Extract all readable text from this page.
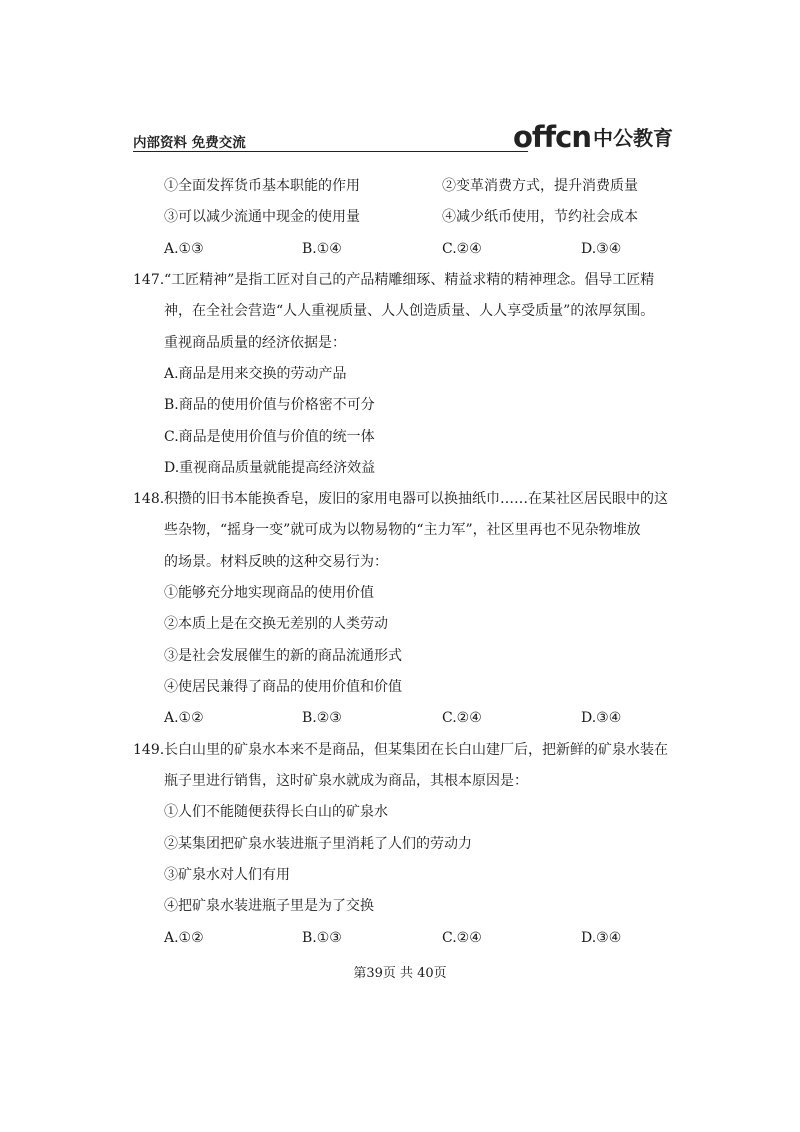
内部资料 免费交流	offcn 中公教育
①全面发挥货币基本职能的作用	②变革消费方式，提升消费质量
③可以减少流通中现金的使用量	④减少纸币使用，节约社会成本
A.①③	B.①④	C.②④	D.③④
147. “工匠精神”是指工匠对自己的产品精雕细琢、精益求精的精神理念。倡导工匠精
神，在全社会营造“人人重视质量、人人创造质量、人人享受质量”的浓厚氛围。
重视商品质量的经济依据是：
A.商品是用来交换的劳动产品
B.商品的使用价值与价格密不可分
C.商品是使用价值与价值的统一体
D.重视商品质量就能提高经济效益
148. 积攒的旧书本能换香皂，废旧的家用电器可以换抽纸巾……在某社区居民眼中的这
些杂物，“摇身一变”就可成为以物易物的“主力军”，社区里再也不见杂物堆放
的场景。材料反映的这种交易行为：
①能够充分地实现商品的使用价值
②本质上是在交换无差别的人类劳动
③是社会发展催生的新的商品流通形式
④使居民兼得了商品的使用价值和价值
A.①②	B.②③	C.②④	D.③④
149. 长白山里的矿泉水本来不是商品，但某集团在长白山建厂后，把新鲜的矿泉水装在
瓶子里进行销售，这时矿泉水就成为商品，其根本原因是：
①人们不能随便获得长白山的矿泉水
②某集团把矿泉水装进瓶子里消耗了人们的劳动力
③矿泉水对人们有用
④把矿泉水装进瓶子里是为了交换
A.①②	B.①③	C.②④	D.③④
第39页 共 40页
